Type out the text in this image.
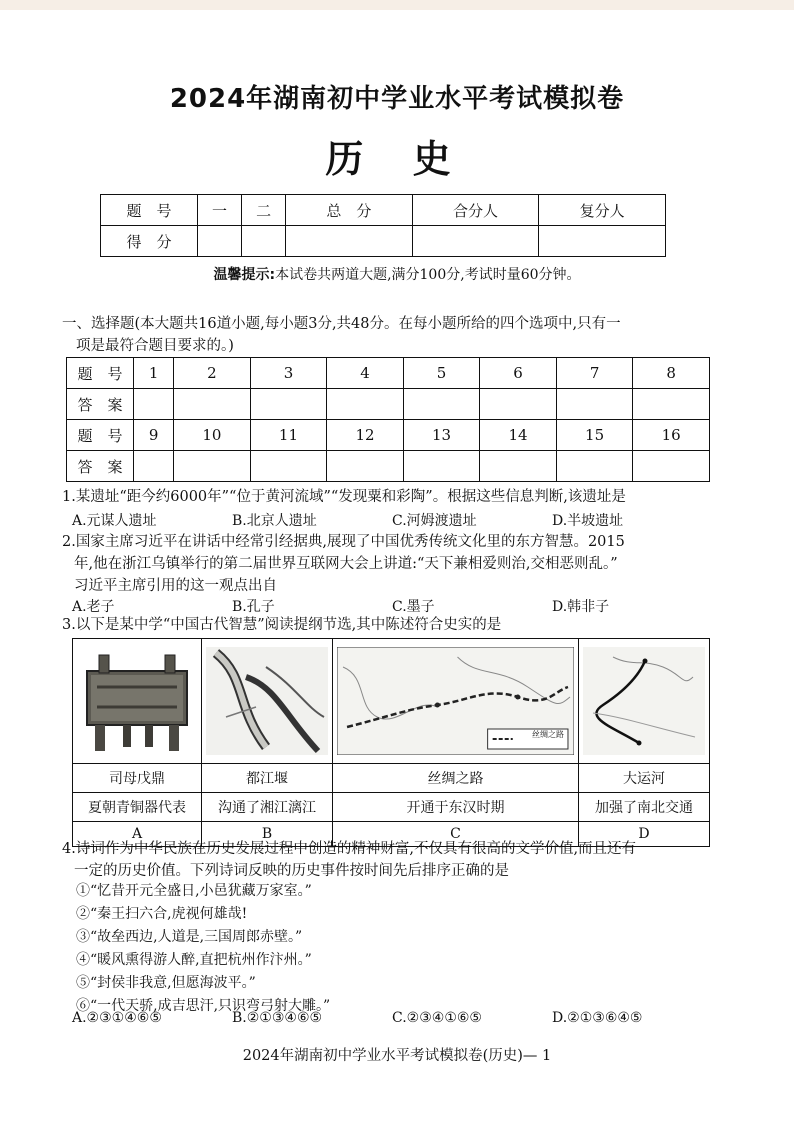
2024年湖南初中学业水平考试模拟卷
历 史
题　号	一	二	总　分	合分人	复分人
得　分					
温馨提示:本试卷共两道大题,满分100分,考试时量60分钟。
一、选择题(本大题共16道小题,每小题3分,共48分。在每小题所给的四个选项中,只有一
项是最符合题目要求的。)
题　号	1	2	3	4	5	6	7	8
答　案								
题　号	9	10	11	12	13	14	15	16
答　案								
1.某遗址“距今约6000年”“位于黄河流域”“发现粟和彩陶”。根据这些信息判断,该遗址是
A.元谋人遗址	B.北京人遗址	C.河姆渡遗址	D.半坡遗址
2.国家主席习近平在讲话中经常引经据典,展现了中国优秀传统文化里的东方智慧。2015
年,他在浙江乌镇举行的第二届世界互联网大会上讲道:“天下兼相爱则治,交相恶则乱。”
习近平主席引用的这一观点出自
A.老子	B.孔子	C.墨子	D.韩非子
3.以下是某中学“中国古代智慧”阅读提纲节选,其中陈述符合史实的是

丝绸之路

司母戊鼎	都江堰	丝绸之路	大运河
夏朝青铜器代表	沟通了湘江漓江	开通于东汉时期	加强了南北交通
A	B	C	D
4.诗词作为中华民族在历史发展过程中创造的精神财富,不仅具有很高的文学价值,而且还有
一定的历史价值。下列诗词反映的历史事件按时间先后排序正确的是
①“忆昔开元全盛日,小邑犹藏万家室。”
②“秦王扫六合,虎视何雄哉!
③“故垒西边,人道是,三国周郎赤壁。”
④“暖风熏得游人醉,直把杭州作汴州。”
⑤“封侯非我意,但愿海波平。”
⑥“一代天骄,成吉思汗,只识弯弓射大雕。”
A.②③①④⑥⑤	B.②①③④⑥⑤	C.②③④①⑥⑤	D.②①③⑥④⑤
2024年湖南初中学业水平考试模拟卷(历史)— 1
